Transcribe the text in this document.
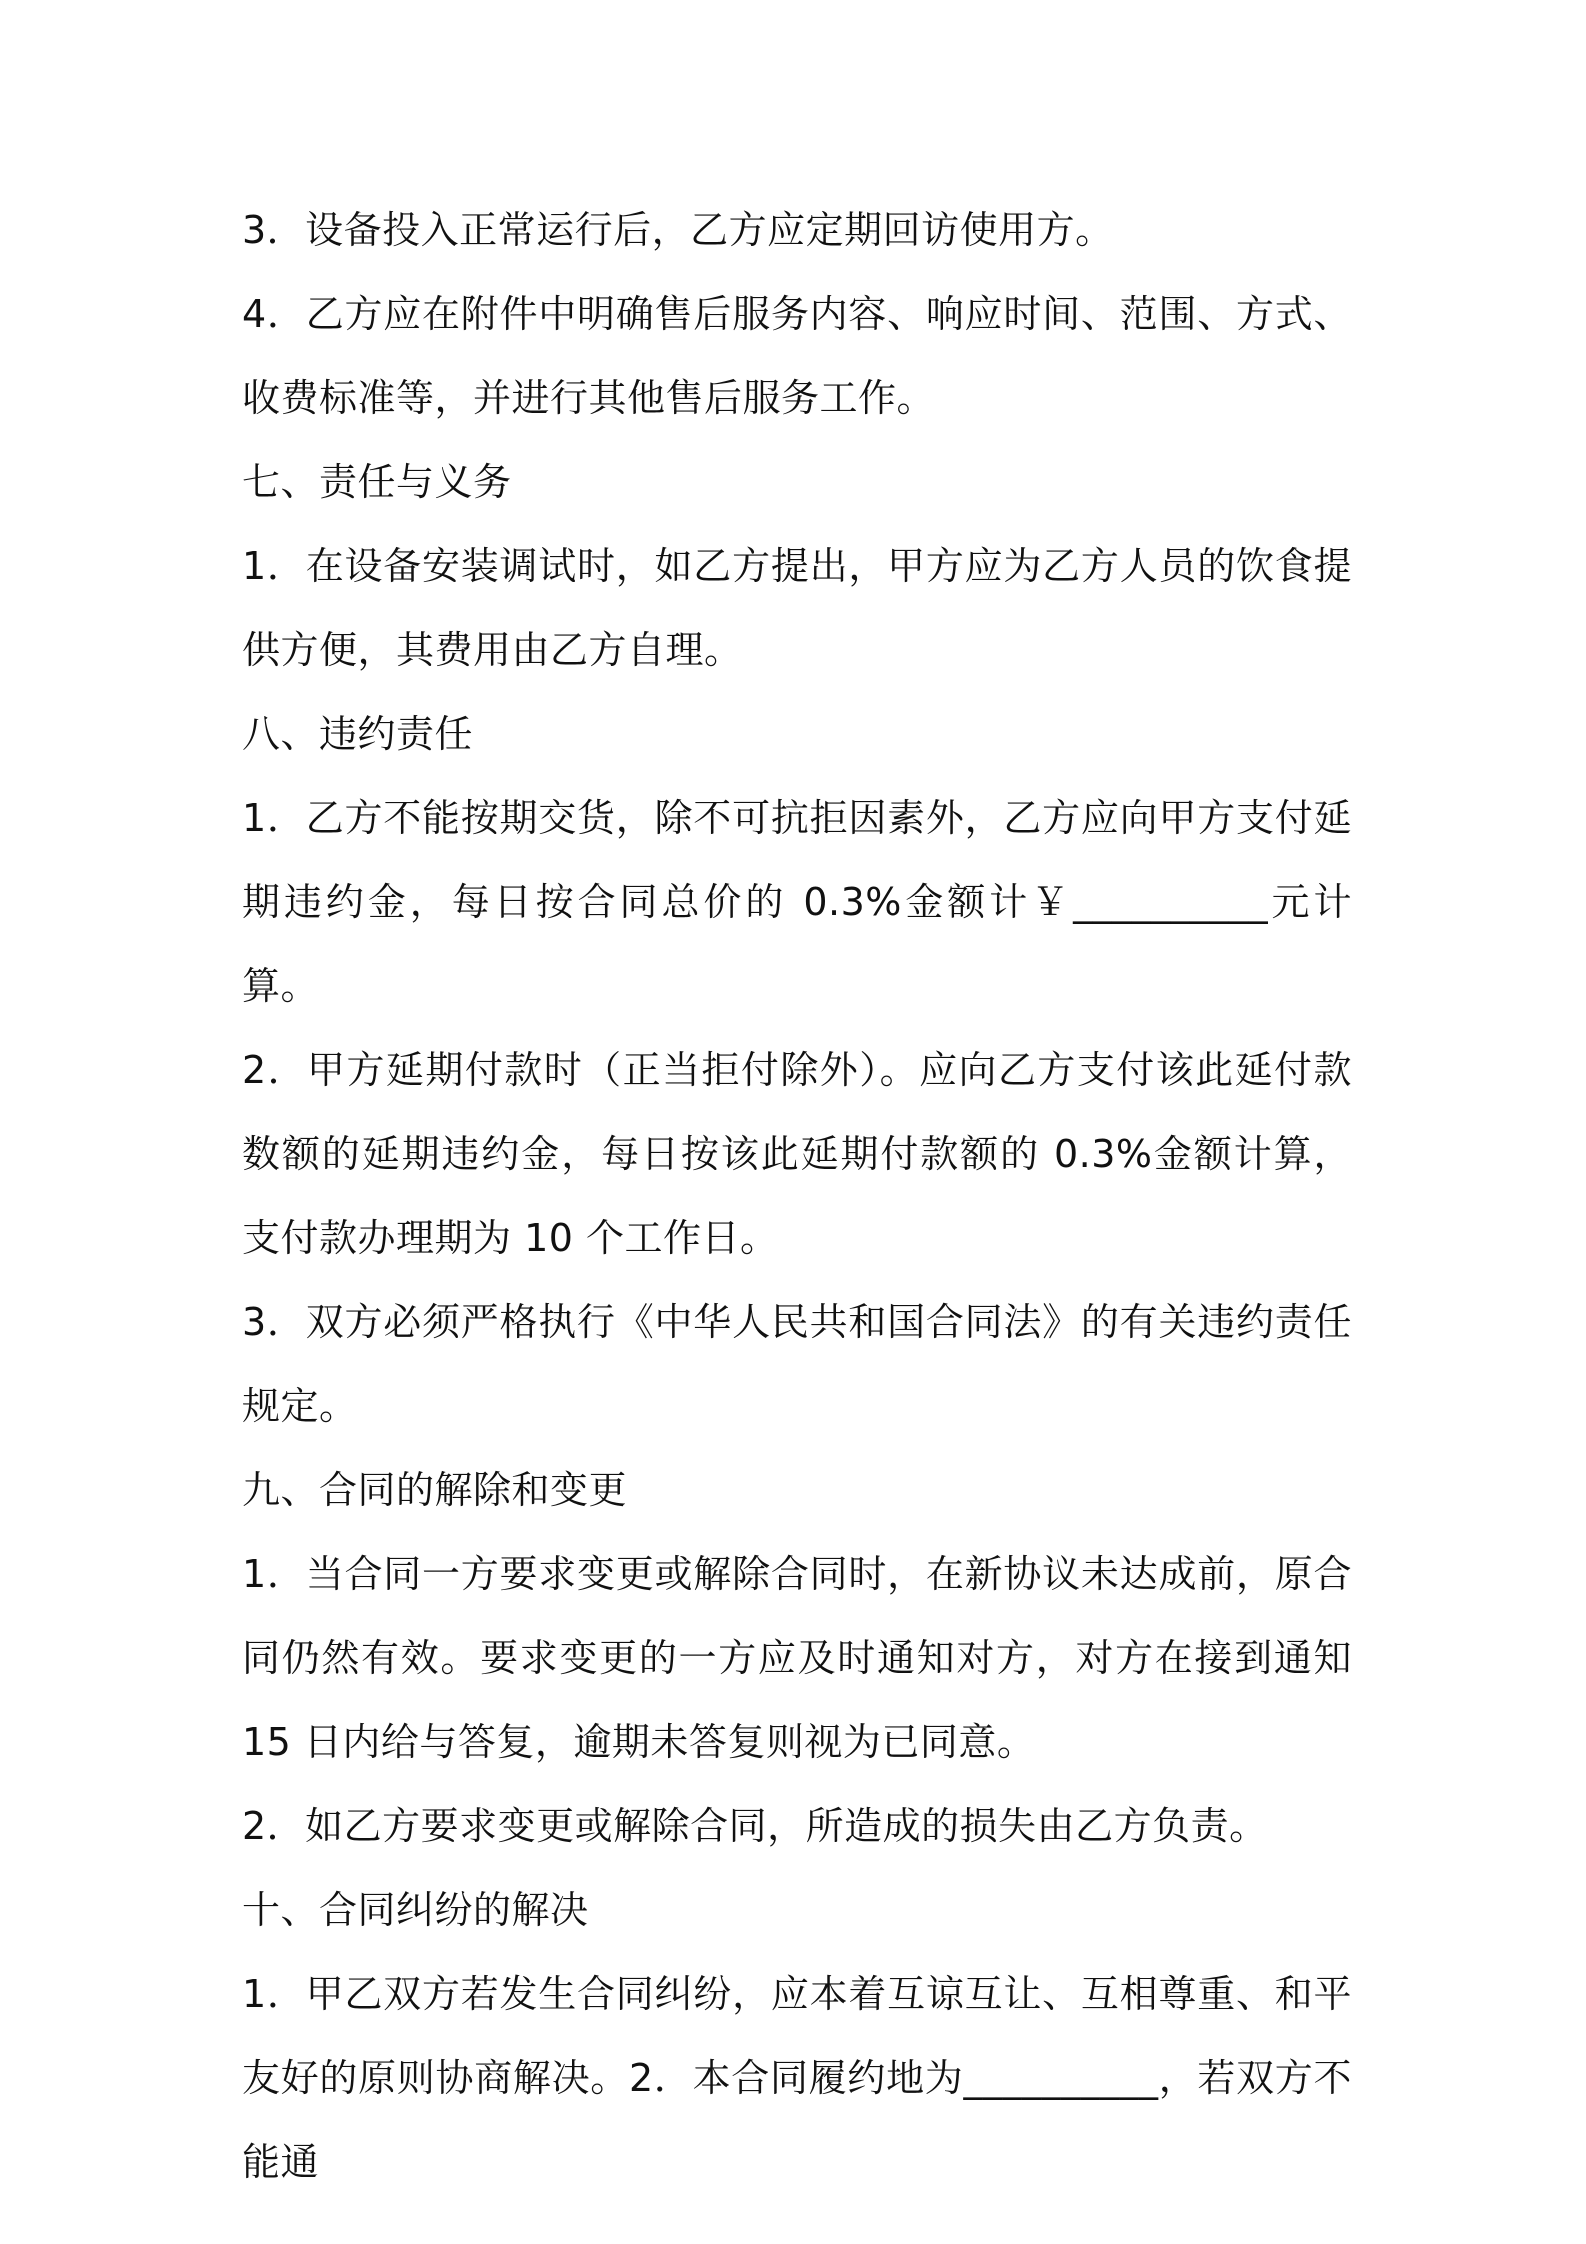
3．设备投入正常运行后，乙方应定期回访使用方。

4．乙方应在附件中明确售后服务内容、响应时间、范围、方式、收费标准等，并进行其他售后服务工作。

七、责任与义务

1．在设备安装调试时，如乙方提出，甲方应为乙方人员的饮食提供方便，其费用由乙方自理。

八、违约责任

1．乙方不能按期交货，除不可抗拒因素外，乙方应向甲方支付延期违约金，每日按合同总价的 0.3%金额计￥__________元计算。

2．甲方延期付款时（正当拒付除外）。应向乙方支付该此延付款数额的延期违约金，每日按该此延期付款额的 0.3%金额计算，支付款办理期为 10 个工作日。

3．双方必须严格执行《中华人民共和国合同法》的有关违约责任规定。

九、合同的解除和变更

1．当合同一方要求变更或解除合同时，在新协议未达成前，原合同仍然有效。要求变更的一方应及时通知对方，对方在接到通知 15 日内给与答复，逾期未答复则视为已同意。

2．如乙方要求变更或解除合同，所造成的损失由乙方负责。

十、合同纠纷的解决

1．甲乙双方若发生合同纠纷，应本着互谅互让、互相尊重、和平友好的原则协商解决。2．本合同履约地为__________，若双方不能通
